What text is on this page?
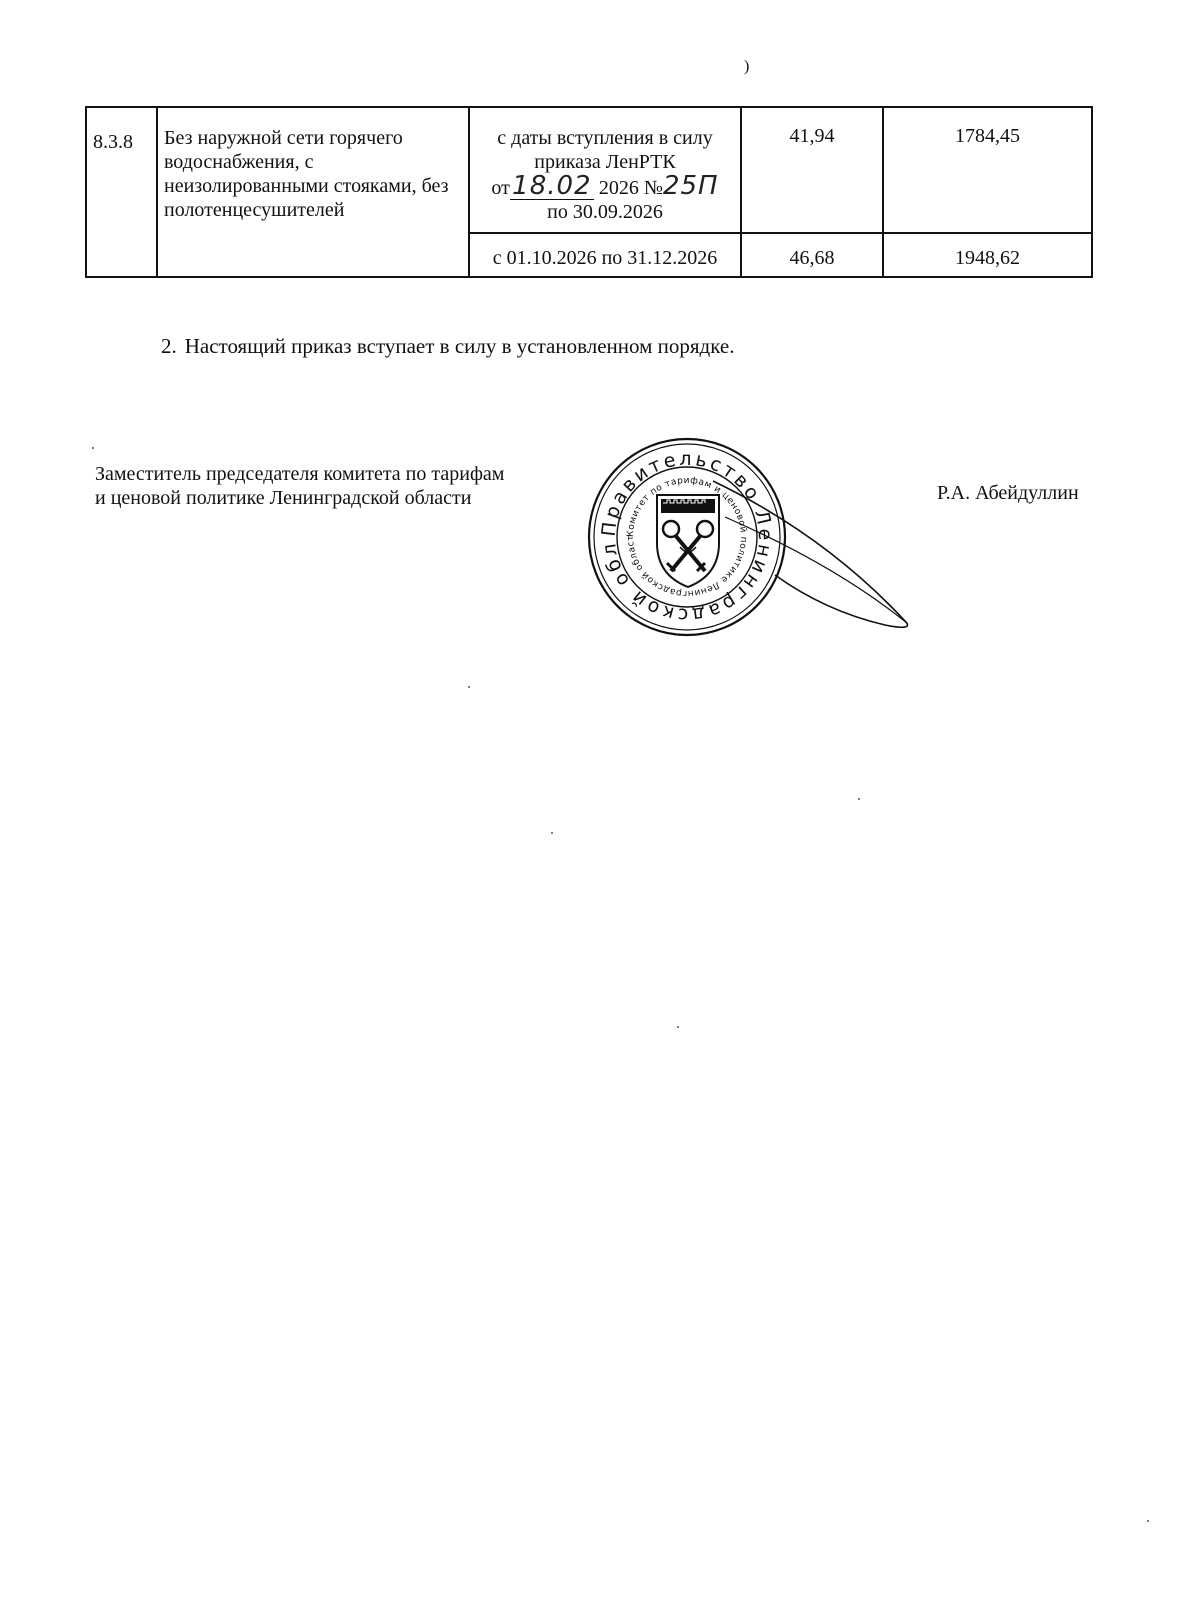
)
8.3.8	Без наружной сети горячего водоснабжения, с неизолированными стояками, без полотенцесушителей	с даты вступления в силу
приказа ЛенРТК
от18.02 2026 №25П
по 30.09.2026	41,94	1784,45

		с 01.10.2026 по 31.12.2026	46,68	1948,62
2. Настоящий приказ вступает в силу в установленном порядке.
Заместитель председателя комитета по тарифам
и ценовой политике Ленинградской области	Р.А. Абейдуллин
Правительство Ленинградской обл
Комитет по тарифам и ценовой политике Ленинградской област
